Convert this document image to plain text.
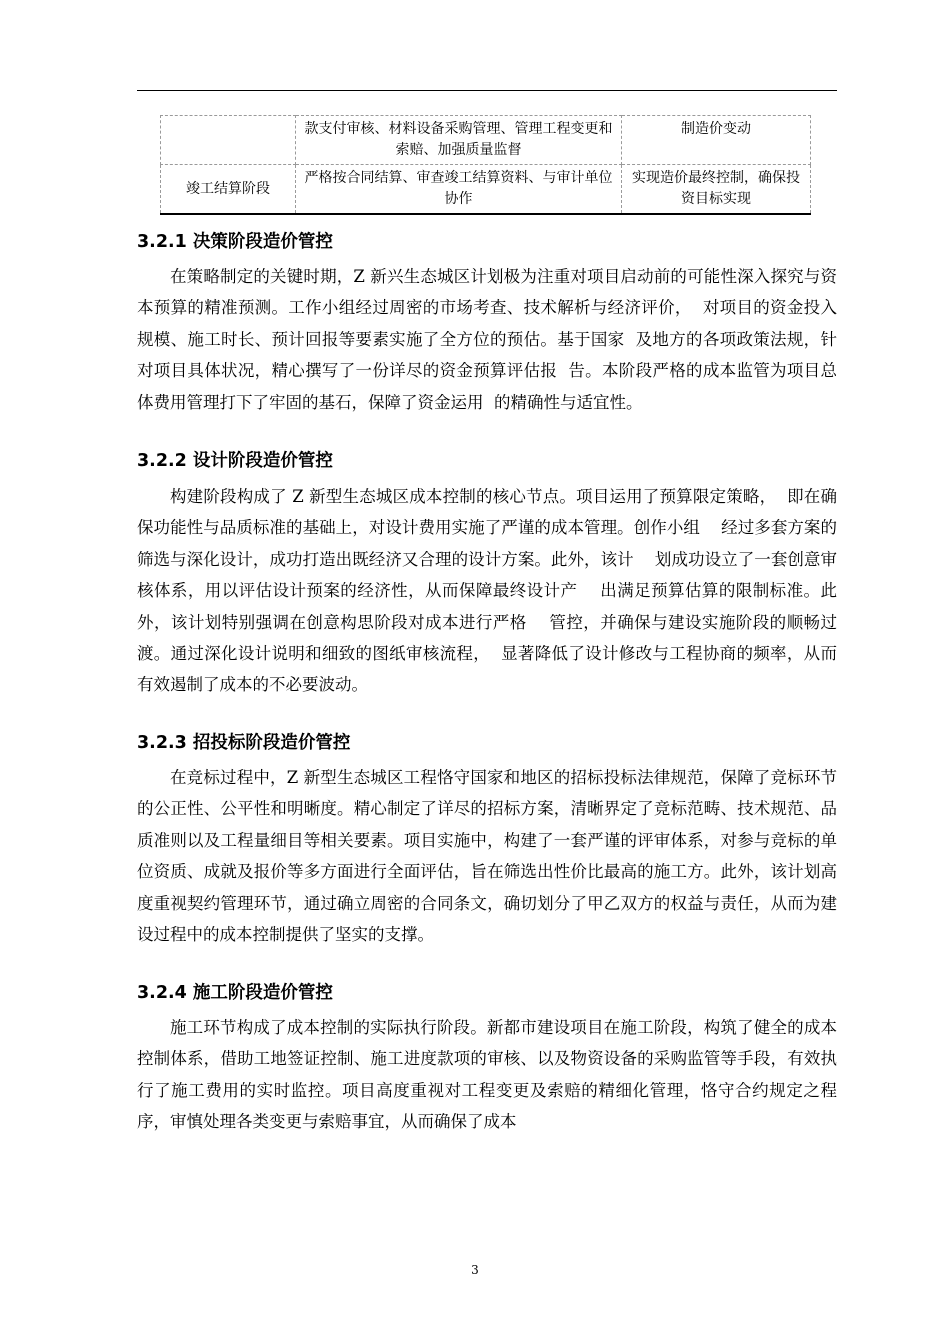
	款支付审核、材料设备采购管理、管理工程变更和索赔、加强质量监督	制造价变动
竣工结算阶段	严格按合同结算、审查竣工结算资料、与审计单位协作	实现造价最终控制，确保投资目标实现
3.2.1 决策阶段造价管控

在策略制定的关键时期，Z 新兴生态城区计划极为注重对项目启动前的可能性深入探究与资本预算的精准预测。工作小组经过周密的市场考查、技术解析与经济评价，  对项目的资金投入规模、施工时长、预计回报等要素实施了全方位的预估。基于国家  及地方的各项政策法规，针对项目具体状况，精心撰写了一份详尽的资金预算评估报  告。本阶段严格的成本监管为项目总体费用管理打下了牢固的基石，保障了资金运用  的精确性与适宜性。

3.2.2 设计阶段造价管控

构建阶段构成了 Z 新型生态城区成本控制的核心节点。项目运用了预算限定策略，  即在确保功能性与品质标准的基础上，对设计费用实施了严谨的成本管理。创作小组    经过多套方案的筛选与深化设计，成功打造出既经济又合理的设计方案。此外，该计    划成功设立了一套创意审核体系，用以评估设计预案的经济性，从而保障最终设计产    出满足预算估算的限制标准。此外，该计划特别强调在创意构思阶段对成本进行严格    管控，并确保与建设实施阶段的顺畅过渡。通过深化设计说明和细致的图纸审核流程，  显著降低了设计修改与工程协商的频率，从而有效遏制了成本的不必要波动。

3.2.3 招投标阶段造价管控

在竞标过程中，Z 新型生态城区工程恪守国家和地区的招标投标法律规范，保障了竞标环节的公正性、公平性和明晰度。精心制定了详尽的招标方案，清晰界定了竞标范畴、技术规范、品质准则以及工程量细目等相关要素。项目实施中，构建了一套严谨的评审体系，对参与竞标的单位资质、成就及报价等多方面进行全面评估，旨在筛选出性价比最高的施工方。此外，该计划高度重视契约管理环节，通过确立周密的合同条文，确切划分了甲乙双方的权益与责任，从而为建设过程中的成本控制提供了坚实的支撑。

3.2.4 施工阶段造价管控

施工环节构成了成本控制的实际执行阶段。新都市建设项目在施工阶段，构筑了健全的成本控制体系，借助工地签证控制、施工进度款项的审核、以及物资设备的采购监管等手段，有效执行了施工费用的实时监控。项目高度重视对工程变更及索赔的精细化管理，恪守合约规定之程序，审慎处理各类变更与索赔事宜，从而确保了成本

3
